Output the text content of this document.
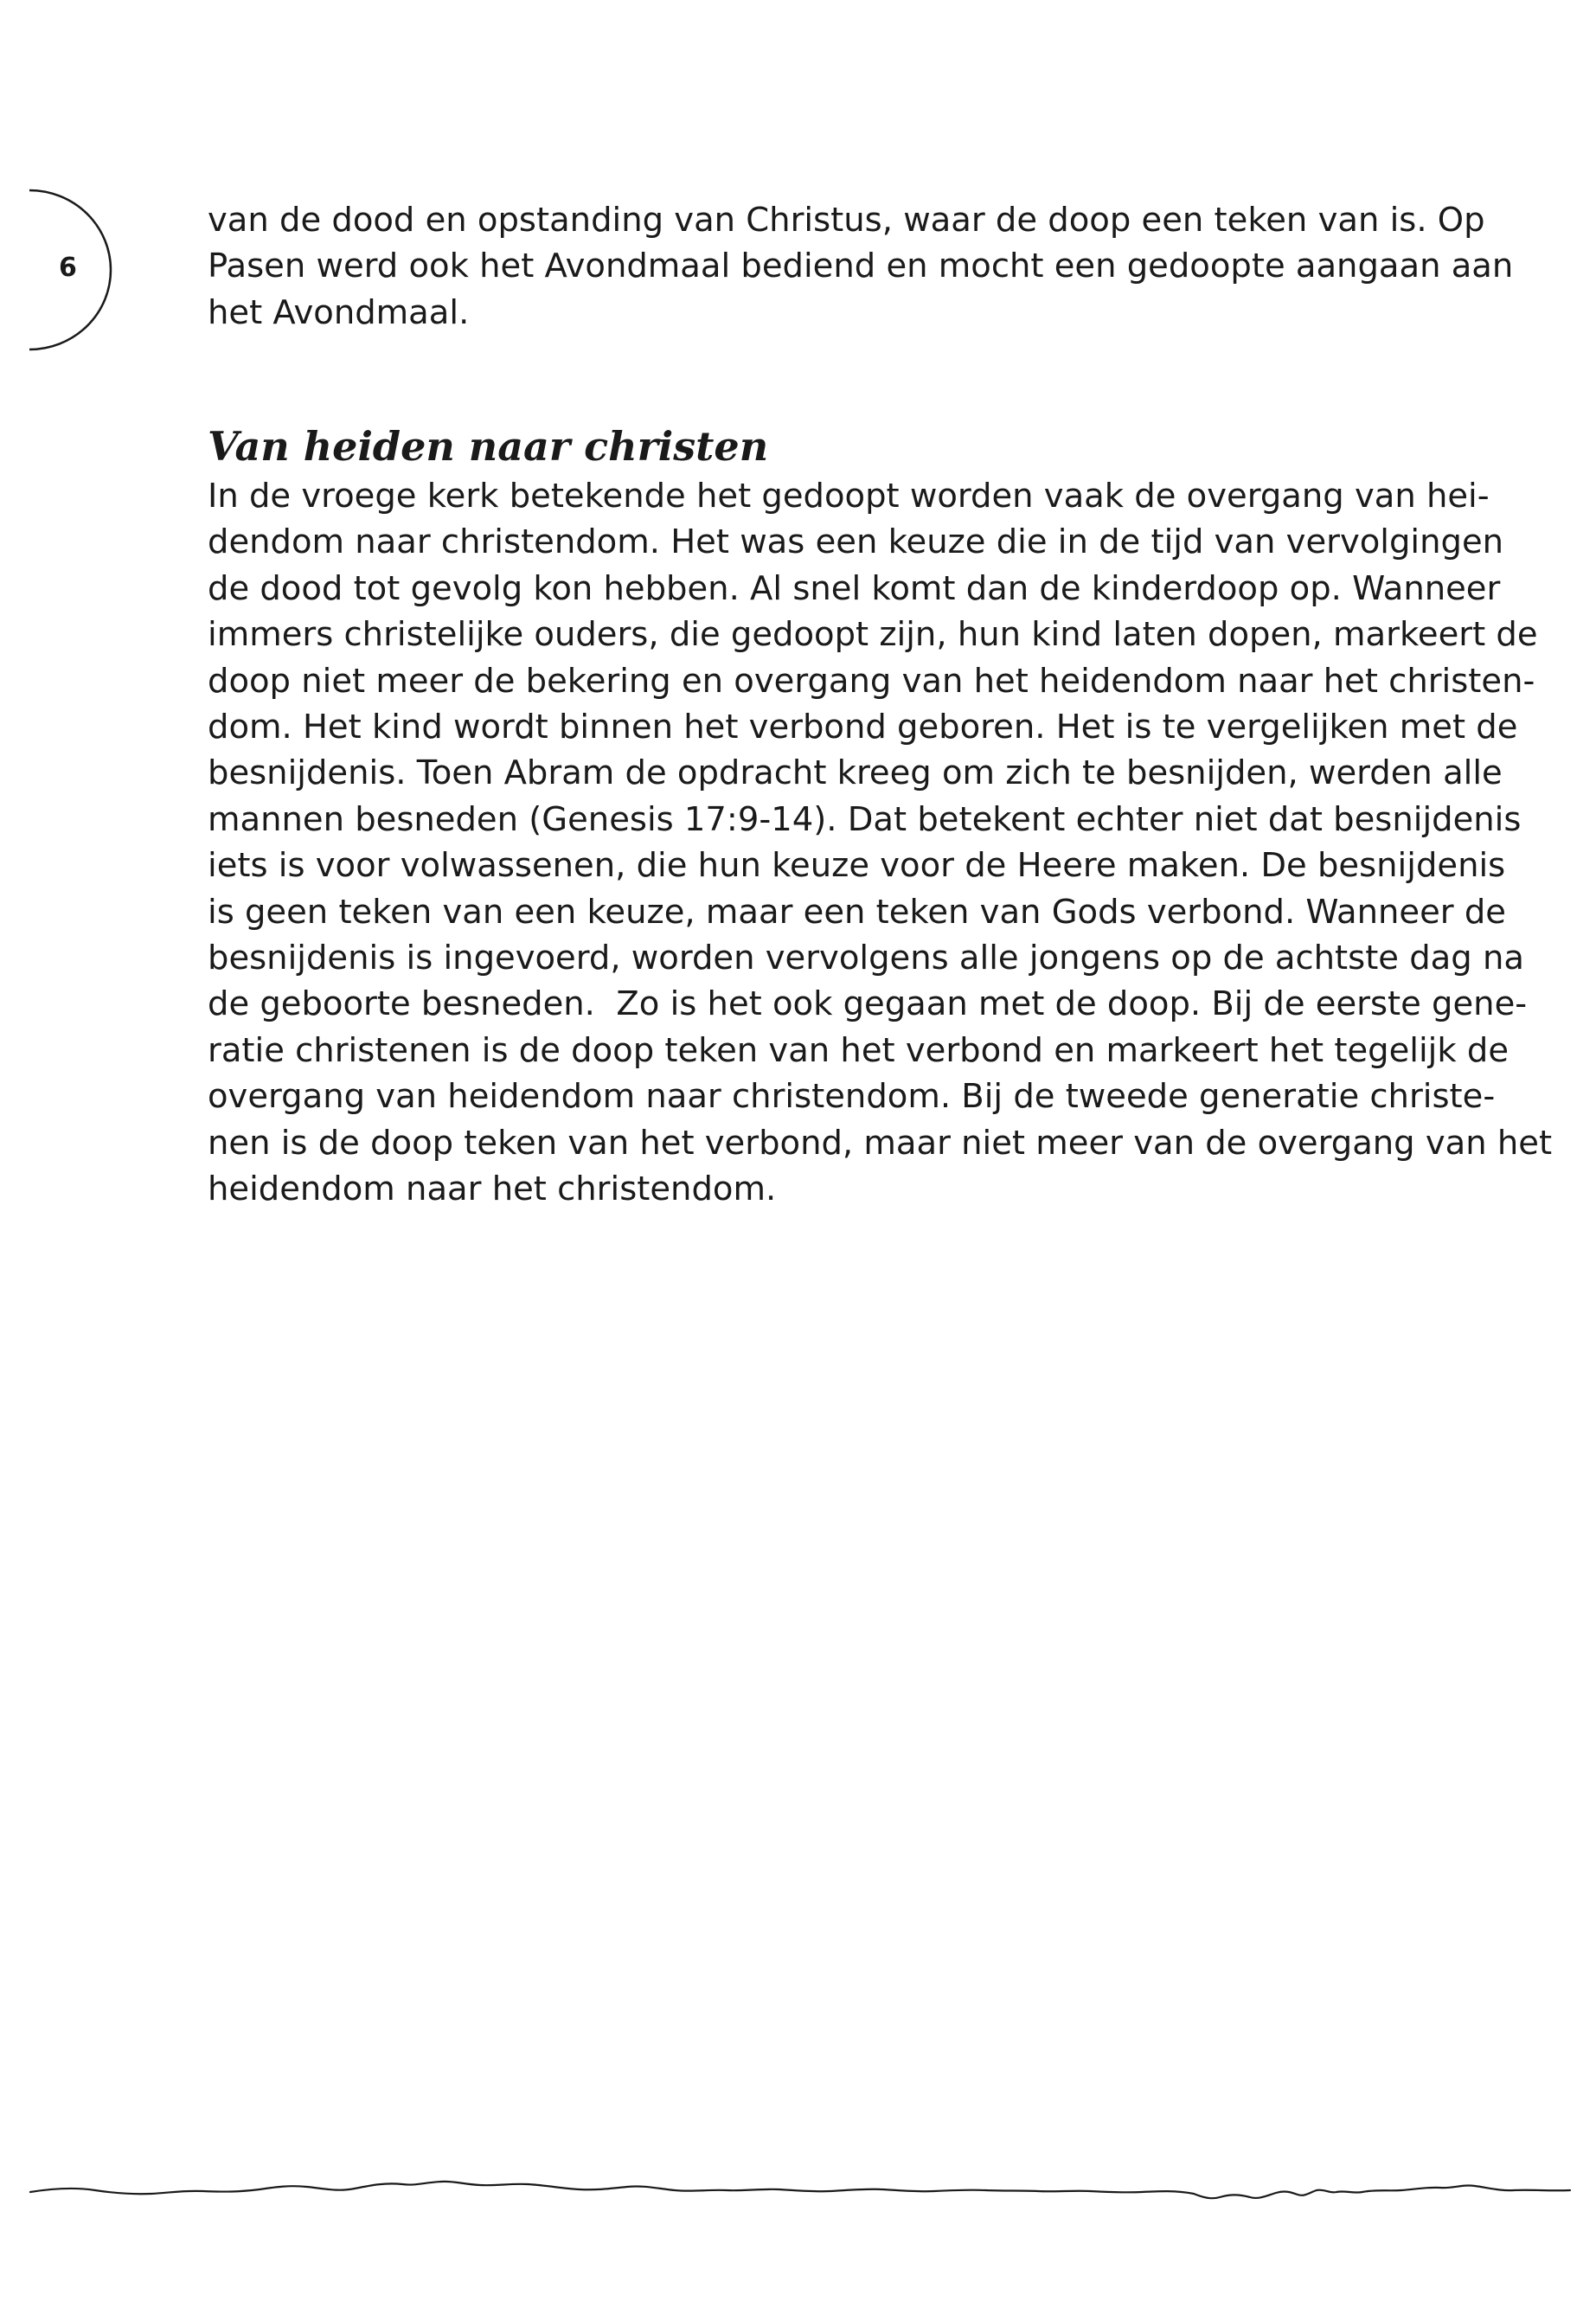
6
van de dood en opstanding van Christus, waar de doop een teken van is. Op
Pasen werd ook het Avondmaal bediend en mocht een gedoopte aangaan aan
het Avondmaal.
Van heiden naar christen
In de vroege kerk betekende het gedoopt worden vaak de overgang van hei-
dendom naar christendom. Het was een keuze die in de tijd van vervolgingen
de dood tot gevolg kon hebben. Al snel komt dan de kinderdoop op. Wanneer
immers christelijke ouders, die gedoopt zijn, hun kind laten dopen, markeert de
doop niet meer de bekering en overgang van het heidendom naar het christen-
dom. Het kind wordt binnen het verbond geboren. Het is te vergelijken met de
besnijdenis. Toen Abram de opdracht kreeg om zich te besnijden, werden alle
mannen besneden (Genesis 17:9-14). Dat betekent echter niet dat besnijdenis
iets is voor volwassenen, die hun keuze voor de Heere maken. De besnijdenis
is geen teken van een keuze, maar een teken van Gods verbond. Wanneer de
besnijdenis is ingevoerd, worden vervolgens alle jongens op de achtste dag na
de geboorte besneden.  Zo is het ook gegaan met de doop. Bij de eerste gene-
ratie christenen is de doop teken van het verbond en markeert het tegelijk de
overgang van heidendom naar christendom. Bij de tweede generatie christe-
nen is de doop teken van het verbond, maar niet meer van de overgang van het
heidendom naar het christendom.
